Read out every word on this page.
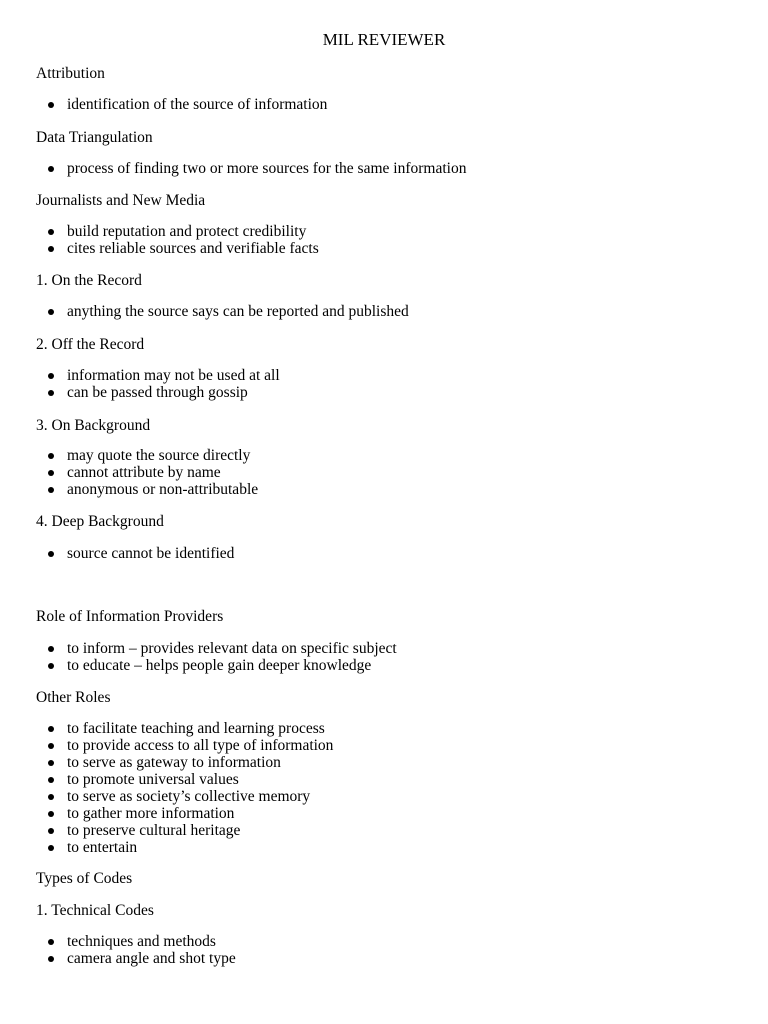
MIL REVIEWER
Attribution
identification of the source of information
Data Triangulation
process of finding two or more sources for the same information
Journalists and New Media
build reputation and protect credibility
cites reliable sources and verifiable facts
1. On the Record
anything the source says can be reported and published
2. Off the Record
information may not be used at all
can be passed through gossip
3. On Background
may quote the source directly
cannot attribute by name
anonymous or non-attributable
4. Deep Background
source cannot be identified
Role of Information Providers
to inform – provides relevant data on specific subject
to educate – helps people gain deeper knowledge
Other Roles
to facilitate teaching and learning process
to provide access to all type of information
to serve as gateway to information
to promote universal values
to serve as society’s collective memory
to gather more information
to preserve cultural heritage
to entertain
Types of Codes
1. Technical Codes
techniques and methods
camera angle and shot type
